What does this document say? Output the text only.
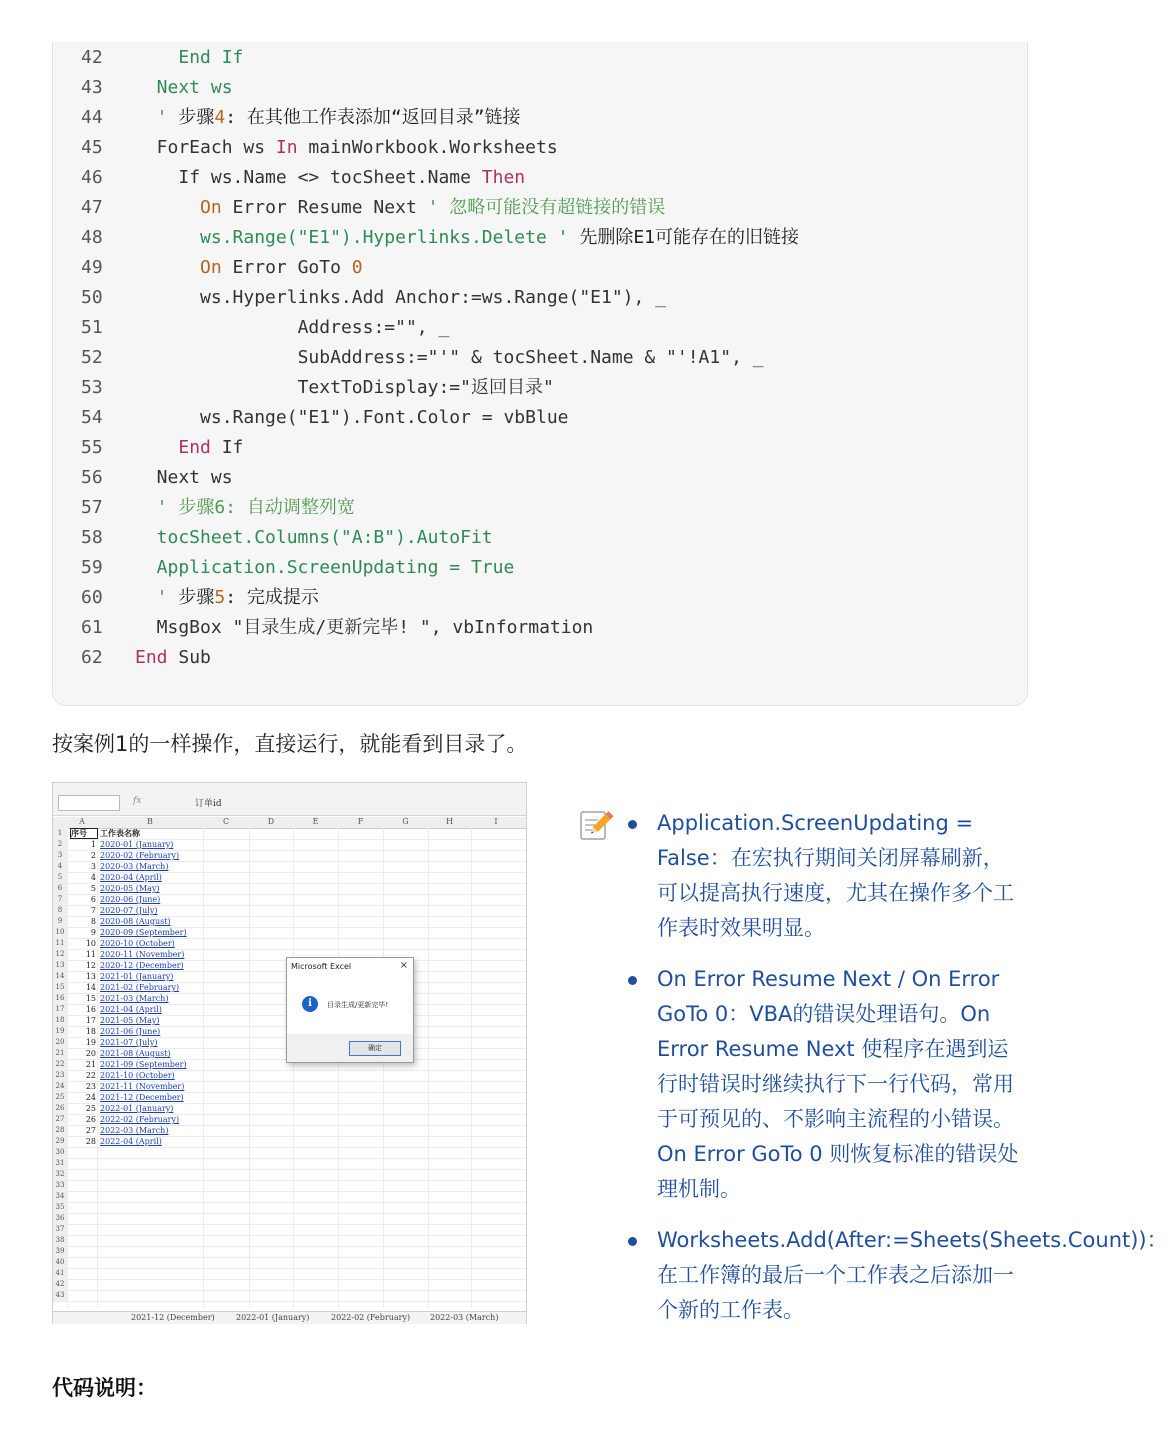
42	End If
43	Next ws
44	' 步骤4: 在其他工作表添加“返回目录”链接
45	ForEach ws In mainWorkbook.Worksheets
46	If ws.Name <> tocSheet.Name Then
47	On Error Resume Next ' 忽略可能没有超链接的错误
48	ws.Range("E1").Hyperlinks.Delete ' 先删除E1可能存在的旧链接
49	On Error GoTo 0
50	ws.Hyperlinks.Add Anchor:=ws.Range("E1"), _
51	Address:="", _
52	SubAddress:="'" & tocSheet.Name & "'!A1", _
53	TextToDisplay:="返回目录"
54	ws.Range("E1").Font.Color = vbBlue
55	End If
56	Next ws
57	' 步骤6: 自动调整列宽
58	tocSheet.Columns("A:B").AutoFit
59	Application.ScreenUpdating = True
60	' 步骤5: 完成提示
61	MsgBox "目录生成/更新完毕! ", vbInformation
62	End Sub
按案例1的一样操作，直接运行，就能看到目录了。
fx	订单id
A	B	C	D	E	F	G	H	I
1	序号	工作表名称
2	1 2020-01 (January)
3	2 2020-02 (February)
4	3 2020-03 (March)
5	4 2020-04 (April)
6	5 2020-05 (May)
7	6 2020-06 (June)
8	7 2020-07 (July)
9	8 2020-08 (August)
10	9 2020-09 (September)
11	10 2020-10 (October)
12	11 2020-11 (November)
13	12 2020-12 (December)
14	13 2021-01 (January)
15	14 2021-02 (February)
16	15 2021-03 (March)
17	16 2021-04 (April)
18	17 2021-05 (May)
19	18 2021-06 (June)
20	19 2021-07 (July)
21	20 2021-08 (August)
22	21 2021-09 (September)
23	22 2021-10 (October)
24	23 2021-11 (November)
25	24 2021-12 (December)
26	25 2022-01 (January)
27	26 2022-02 (February)
28	27 2022-03 (March)
29	28 2022-04 (April)
30
31
32
33
34
35
36
37
38
39
40
41
42
43
2021-12 (December)	2022-01 (January)	2022-02 (February) 2022-03 (March)
Microsoft Excel	×
i	目录生成/更新完毕!
确定
Application.ScreenUpdating = False：在宏执行期间关闭屏幕刷新，可以提高执行速度，尤其在操作多个工作表时效果明显。
On Error Resume Next / On Error GoTo 0：VBA的错误处理语句。On Error Resume Next 使程序在遇到运行时错误时继续执行下一行代码，常用于可预见的、不影响主流程的小错误。On Error GoTo 0 则恢复标准的错误处理机制。
Worksheets.Add(After:=Sheets(Sheets.Count))：在工作簿的最后一个工作表之后添加一个新的工作表。
代码说明：
